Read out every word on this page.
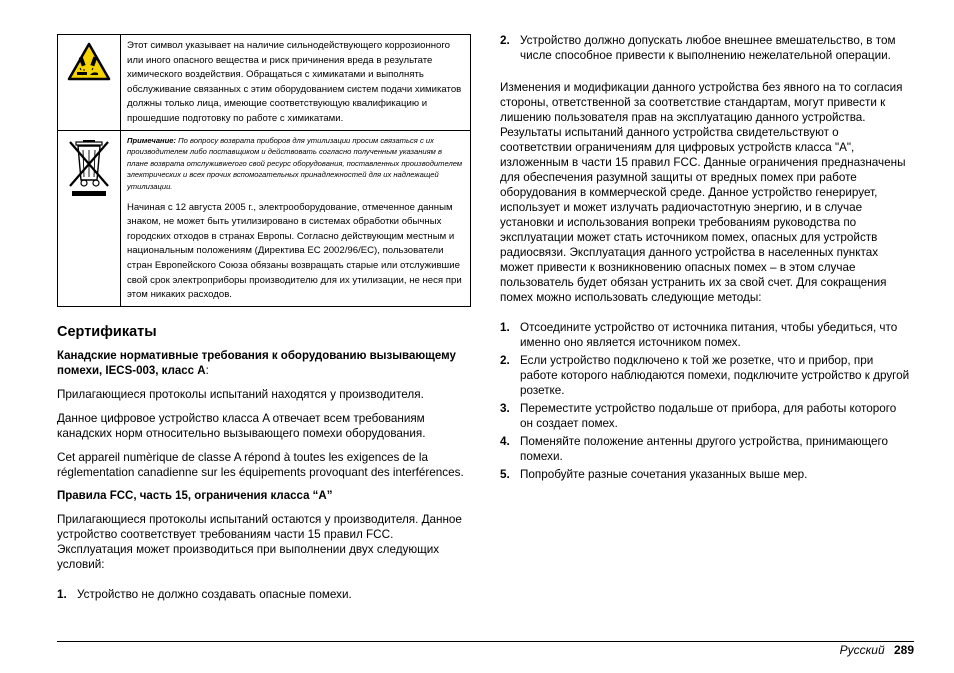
Этот символ указывает на наличие сильнодействующего коррозионного или иного опасного вещества и риск причинения вреда в результате химического воздействия. Обращаться с химикатами и выполнять обслуживание связанных с этим оборудованием систем подачи химикатов должны только лица, имеющие соответствующую квалификацию и прошедшие подготовку по работе с химикатами.

Примечание: По вопросу возврата приборов для утилизации просим связаться с их производителем либо поставщиком и действовать согласно полученным указаниям в плане возврата отслуживwerого свой ресурс оборудования, поставленных производителем электрических и всех прочих вспомогательных принадлежностей для их надлежащей утилизации.

Начиная с 12 августа 2005 г., электрооборудование, отмеченное данным знаком, не может быть утилизировано в системах обработки обычных городских отходов в странах Европы. Согласно действующим местным и национальным положениям (Директива ЕС 2002/96/ЕС), пользователи стран Европейского Союза обязаны возвращать старые или отслужившие свой срок электроприборы производителю для их утилизации, не неся при этом никаких расходов.

Сертификаты
Канадские нормативные требования к оборудованию вызывающему помехи, IECS-003, класс А:

Прилагающиеся протоколы испытаний находятся у производителя.

Данное цифровое устройство класса A отвечает всем требованиям канадских норм относительно вызывающего помехи оборудования.

Cet appareil numèrique de classe A répond à toutes les exigences de la réglementation canadienne sur les équipements provoquant des interférences.

Правила FCC, часть 15, ограничения класса “A”

Прилагающиеся протоколы испытаний остаются у производителя. Данное устройство соответствует требованиям части 15 правил FCC. Эксплуатация может производиться при выполнении двух следующих условий:

1. Устройство не должно создавать опасные помехи.
2. Устройство должно допускать любое внешнее вмешательство, в том числе способное привести к выполнению нежелательной операции.

Изменения и модификации данного устройства без явного на то согласия стороны, ответственной за соответствие стандартам, могут привести к лишению пользователя прав на эксплуатацию данного устройства. Результаты испытаний данного устройства свидетельствуют о соответствии ограничениям для цифровых устройств класса "A", изложенным в части 15 правил FCC. Данные ограничения предназначены для обеспечения разумной защиты от вредных помех при работе оборудования в коммерческой среде. Данное устройство генерирует, использует и может излучать радиочастотную энергию, и в случае установки и использования вопреки требованиям руководства по эксплуатации может стать источником помех, опасных для устройств радиосвязи. Эксплуатация данного устройства в населенных пунктах может привести к возникновению опасных помех – в этом случае пользователь будет обязан устранить их за свой счет. Для сокращения помех можно использовать следующие методы:

1. Отсоедините устройство от источника питания, чтобы убедиться, что именно оно является источником помех.
2. Если устройство подключено к той же розетке, что и прибор, при работе которого наблюдаются помехи, подключите устройство к другой розетке.
3. Переместите устройство подальше от прибора, для работы которого он создает помех.
4. Поменяйте положение антенны другого устройства, принимающего помехи.
5. Попробуйте разные сочетания указанных выше мер.
Русский 289
